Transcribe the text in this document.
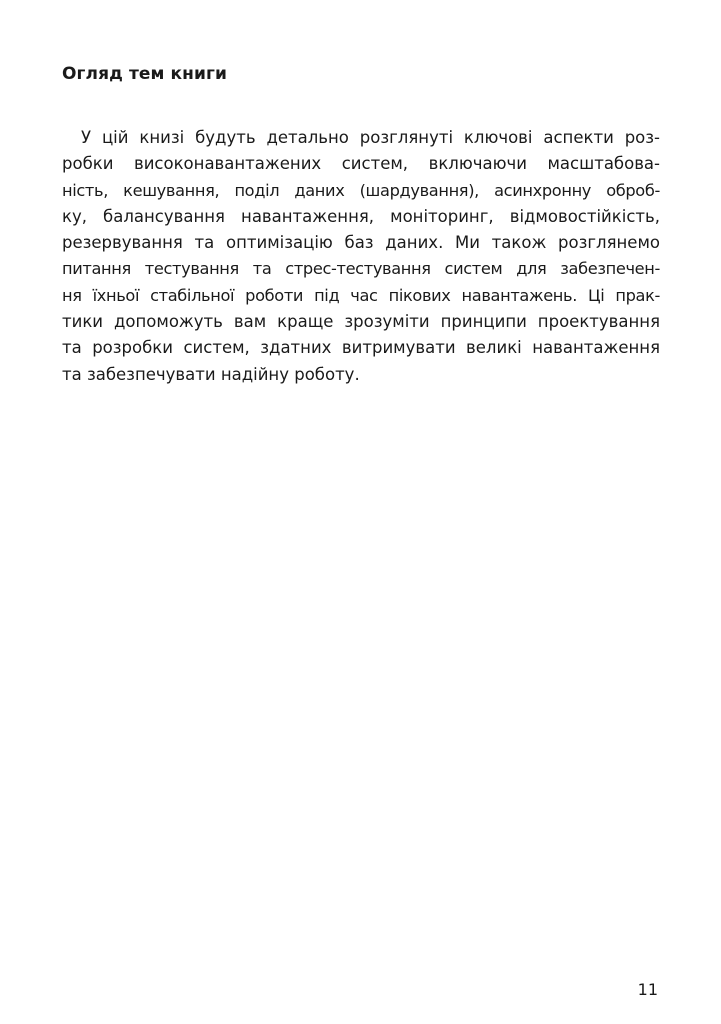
Огляд тем книги
У цій книзі будуть детально розглянуті ключові аспекти роз-
робки високонавантажених систем, включаючи масштабова-
ність, кешування, поділ даних (шардування), асинхронну оброб-
ку, балансування навантаження, моніторинг, відмовостійкість,
резервування та оптимізацію баз даних. Ми також розглянемо
питання тестування та стрес-тестування систем для забезпечен-
ня їхньої стабільної роботи під час пікових навантажень. Ці прак-
тики допоможуть вам краще зрозуміти принципи проектування
та розробки систем, здатних витримувати великі навантаження
та забезпечувати надійну роботу.

11
